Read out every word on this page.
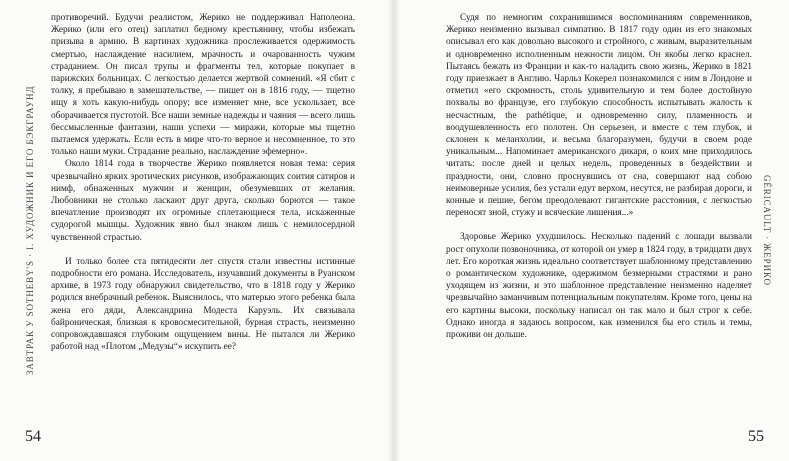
ЗАВТРАК У SOTHEBY'S · I. ХУДОЖНИК И ЕГО БЭКГРАУНД

противоречий. Будучи реалистом, Жерико не поддерживал Наполеона. Жерико (или его отец) заплатил бедному крестьянину, чтобы избежать призыва в армию. В картинах художника прослеживается одержимость смертью, наслаждение насилием, мрачность и очарованность чужим страданием. Он писал трупы и фрагменты тел, которые покупает в парижских больницах. С легкостью делается жертвой сомнений. «Я сбит с толку, я пребываю в замешательстве, — пишет он в 1816 году, — тщетно ищу я хоть какую-нибудь опору; все изменяет мне, все ускользает, все оборачивается пустотой. Все наши земные надежды и чаяния — всего лишь бессмысленные фантазии, наши успехи — миражи, которые мы тщетно пытаемся удержать. Если есть в мире что-то верное и несомненное, то это только наши муки. Страдание реально, наслаждение эфемерно».

Около 1814 года в творчестве Жерико появляется новая тема: серия чрезвычайно ярких эротических рисунков, изображающих соития сатиров и нимф, обнаженных мужчин и женщин, обезумевших от желания. Любовники не столько ласкают друг друга, сколько борются — такое впечатление производят их огромные сплетающиеся тела, искаженные судорогой мышцы. Художник явно был знаком лишь с немилосердной чувственной страстью.

И только более ста пятидесяти лет спустя стали известны истинные подробности его романа. Исследователь, изучавший документы в Руанском архиве, в 1973 году обнаружил свидетельство, что в 1818 году у Жерико родился внебрачный ребенок. Выяснилось, что матерью этого ребенка была жена его дяди, Александрина Модеста Каруэль. Их связывала байроническая, близкая к кровосмесительной, бурная страсть, неизменно сопровождавшаяся глубоким ощущением вины. Не пытался ли Жерико работой над «Плотом „Медузы“» искупить ее?

54
GÉRICAULT · ЖЕРИКО

Судя по немногим сохранившимся воспоминаниям современников, Жерико неизменно вызывал симпатию. В 1817 году один из его знакомых описывал его как довольно высокого и стройного, с живым, выразительным и одновременно исполненным нежности лицом. Он якобы легко краснел. Пытаясь бежать из Франции и как-то наладить свою жизнь, Жерико в 1821 году приезжает в Англию. Чарльз Кокерел познакомился с ним в Лондоне и отметил «его скромность, столь удивительную и тем более достойную похвалы во французе, его глубокую способность испытывать жалость к несчастным, the pathétique, и одновременно силу, пламенность и воодушевленность его полотен. Он серьезен, и вместе с тем глубок, и склонен к меланхолии, и весьма благоразумен, будучи в своем роде уникальным... Напоминает американского дикаря, о коих мне приходилось читать: после дней и целых недель, проведенных в бездействии и праздности, они, словно проснувшись от сна, совершают над собою неимоверные усилия, без устали едут верхом, несутся, не разбирая дороги, и конные и пешие, бегом преодолевают гигантские расстояния, с легкостью переносят зной, стужу и всяческие лишения...»

Здоровье Жерико ухудшилось. Несколько падений с лошади вызвали рост опухоли позвоночника, от которой он умер в 1824 году, в тридцати двух лет. Его короткая жизнь идеально соответствует шаблонному представлению о романтическом художнике, одержимом безмерными страстями и рано уходящем из жизни, и это шаблонное представление неизменно наделяет чрезвычайно заманчивым потенциальным покупателям. Кроме того, цены на его картины высоки, поскольку написал он так мало и был строг к себе. Однако иногда я задаюсь вопросом, как изменился бы его стиль и темы, проживи он дольше.

55
